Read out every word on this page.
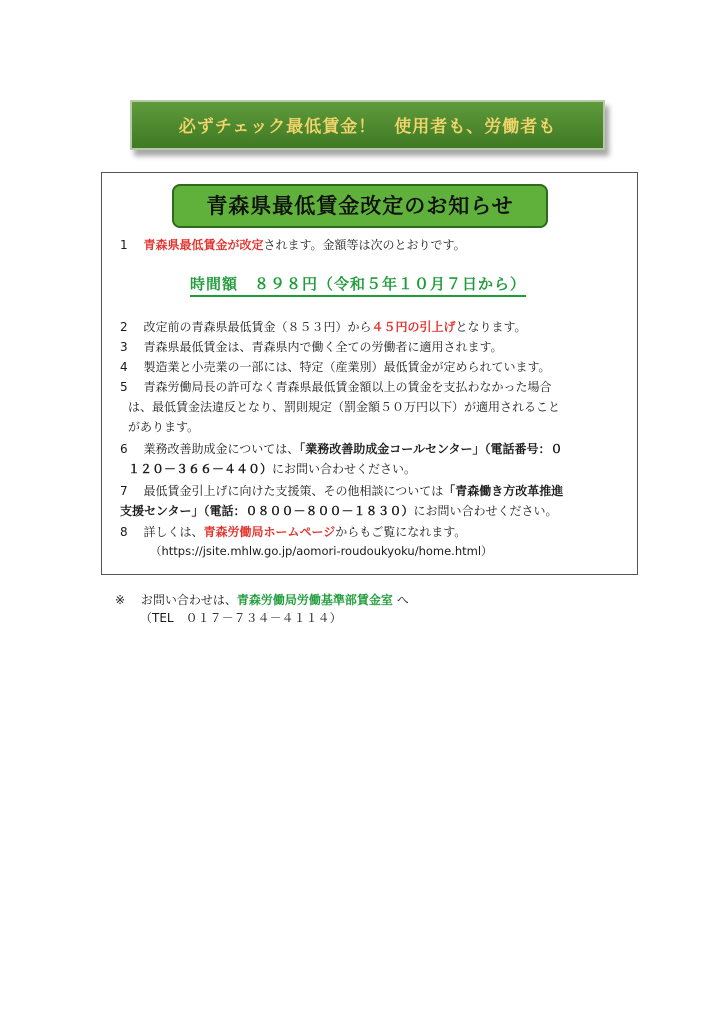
必ずチェック最低賃金！　使用者も、労働者も
青森県最低賃金改定のお知らせ
1　 青森県最低賃金が改定されます。金額等は次のとおりです。
時間額　８９８円（令和５年１０月７日から）
2　 改定前の青森県最低賃金（８５３円）から４５円の引上げとなります。
3　 青森県最低賃金は、青森県内で働く全ての労働者に適用されます。
4　 製造業と小売業の一部には、特定（産業別）最低賃金が定められています。
5　 青森労働局長の許可なく青森県最低賃金額以上の賃金を支払わなかった場合
は、最低賃金法違反となり、罰則規定（罰金額５０万円以下）が適用されること
があります。
6　 業務改善助成金については、「業務改善助成金コールセンター」（電話番号：０
１２０－３６６－４４０）にお問い合わせください。
7　 最低賃金引上げに向けた支援策、その他相談については「青森働き方改革推進
支援センター」（電話：０８００－８００－１８３０）にお問い合わせください。
8　 詳しくは、青森労働局ホームページからもご覧になれます。
（https://jsite.mhlw.go.jp/aomori-roudoukyoku/home.html）
※　 お問い合わせは、青森労働局労働基準部賃金室 へ
（TEL　０１７－７３４－４１１４）
